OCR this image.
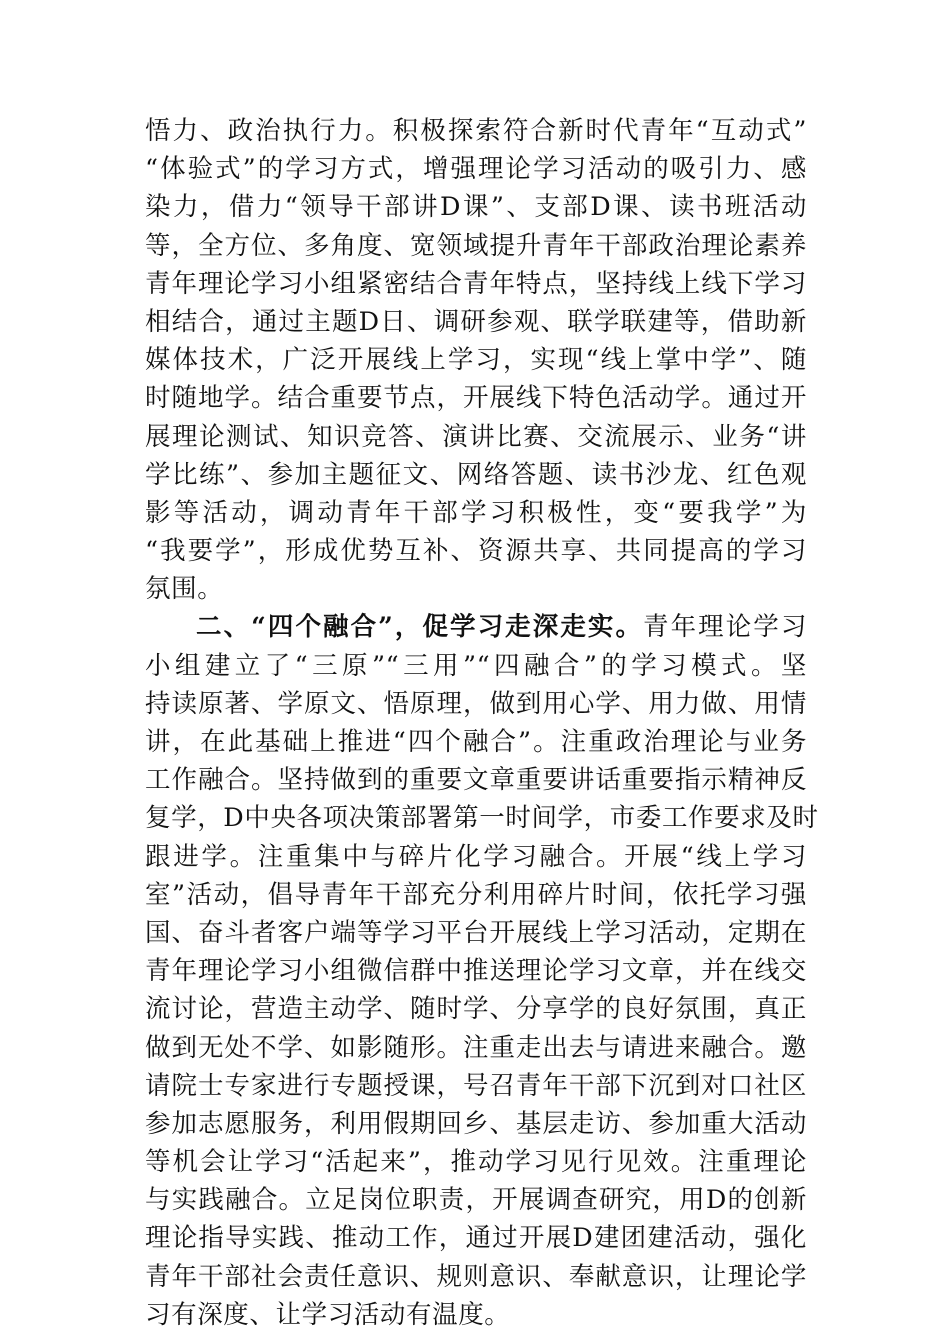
悟力、政治执行力。积极探索符合新时代青年“互动式”
“体验式”的学习方式，增强理论学习活动的吸引力、感
染力，借力“领导干部讲D课”、支部D课、读书班活动
等，全方位、多角度、宽领域提升青年干部政治理论素养
青年理论学习小组紧密结合青年特点，坚持线上线下学习
相结合，通过主题D日、调研参观、联学联建等，借助新
媒体技术，广泛开展线上学习，实现“线上掌中学”、随
时随地学。结合重要节点，开展线下特色活动学。通过开
展理论测试、知识竞答、演讲比赛、交流展示、业务“讲
学比练”、参加主题征文、网络答题、读书沙龙、红色观
影等活动，调动青年干部学习积极性，变“要我学”为
“我要学”，形成优势互补、资源共享、共同提高的学习
氛围。
二、“四个融合”，促学习走深走实。青年理论学习
小组建立了“三原”“三用”“四融合”的学习模式。坚
持读原著、学原文、悟原理，做到用心学、用力做、用情
讲，在此基础上推进“四个融合”。注重政治理论与业务
工作融合。坚持做到的重要文章重要讲话重要指示精神反
复学，D中央各项决策部署第一时间学，市委工作要求及时
跟进学。注重集中与碎片化学习融合。开展“线上学习
室”活动，倡导青年干部充分利用碎片时间，依托学习强
国、奋斗者客户端等学习平台开展线上学习活动，定期在
青年理论学习小组微信群中推送理论学习文章，并在线交
流讨论，营造主动学、随时学、分享学的良好氛围，真正
做到无处不学、如影随形。注重走出去与请进来融合。邀
请院士专家进行专题授课，号召青年干部下沉到对口社区
参加志愿服务，利用假期回乡、基层走访、参加重大活动
等机会让学习“活起来”，推动学习见行见效。注重理论
与实践融合。立足岗位职责，开展调查研究，用D的创新
理论指导实践、推动工作，通过开展D建团建活动，强化
青年干部社会责任意识、规则意识、奉献意识，让理论学
习有深度、让学习活动有温度。
